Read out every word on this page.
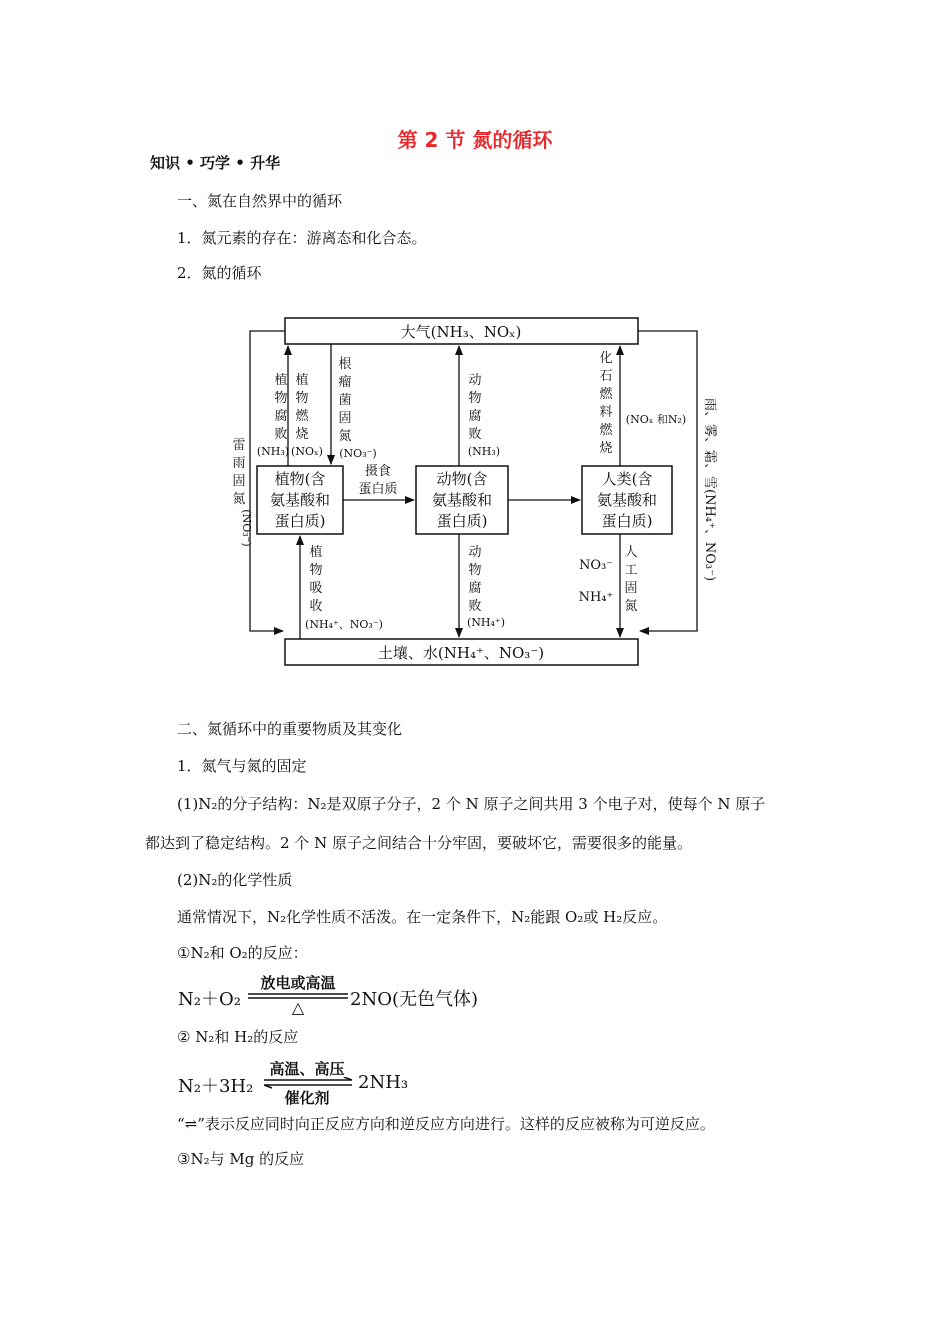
第 2 节 氮的循环
知识 • 巧学 • 升华
一、氮在自然界中的循环
1．氮元素的存在：游离态和化合态。
2．氮的循环
大气(NH₃、NOₓ)
植物(含
氨基酸和
蛋白质)
动物(含
氨基酸和
蛋白质)
人类(含
氨基酸和
蛋白质)
土壤、水(NH₄⁺、NO₃⁻)
雷
雨
固
氮
(NO₃⁻)
植
物
腐
败
(NH₃)
植
物
燃
烧
(NOₓ)
根
瘤
菌
固
氮
(NO₃⁻)
摄食
蛋白质
动
物
腐
败
(NH₃)
化
石
燃
料
燃
烧
(NOₓ 和N₂) 雨、雾、霜、雪(NH₄⁺、NO₃⁻)
植
物
吸
收
(NH₄⁺、NO₃⁻)
动
物
腐
败
(NH₄⁺)
NO₃⁻
NH₄⁺
人
工
固
氮
二、氮循环中的重要物质及其变化
1．氮气与氮的固定
(1)N₂的分子结构：N₂是双原子分子，2 个 N 原子之间共用 3 个电子对，使每个 N 原子
都达到了稳定结构。2 个 N 原子之间结合十分牢固，要破坏它，需要很多的能量。
(2)N₂的化学性质
通常情况下，N₂化学性质不活泼。在一定条件下，N₂能跟 O₂或 H₂反应。
①N₂和 O₂的反应：
N₂＋O₂
放电或高温
△	2NO(无色气体)
② N₂和 H₂的反应
N₂＋3H₂
高温、高压
催化剂
2NH₃
“⇌”表示反应同时向正反应方向和逆反应方向进行。这样的反应被称为可逆反应。
③N₂与 Mg 的反应
